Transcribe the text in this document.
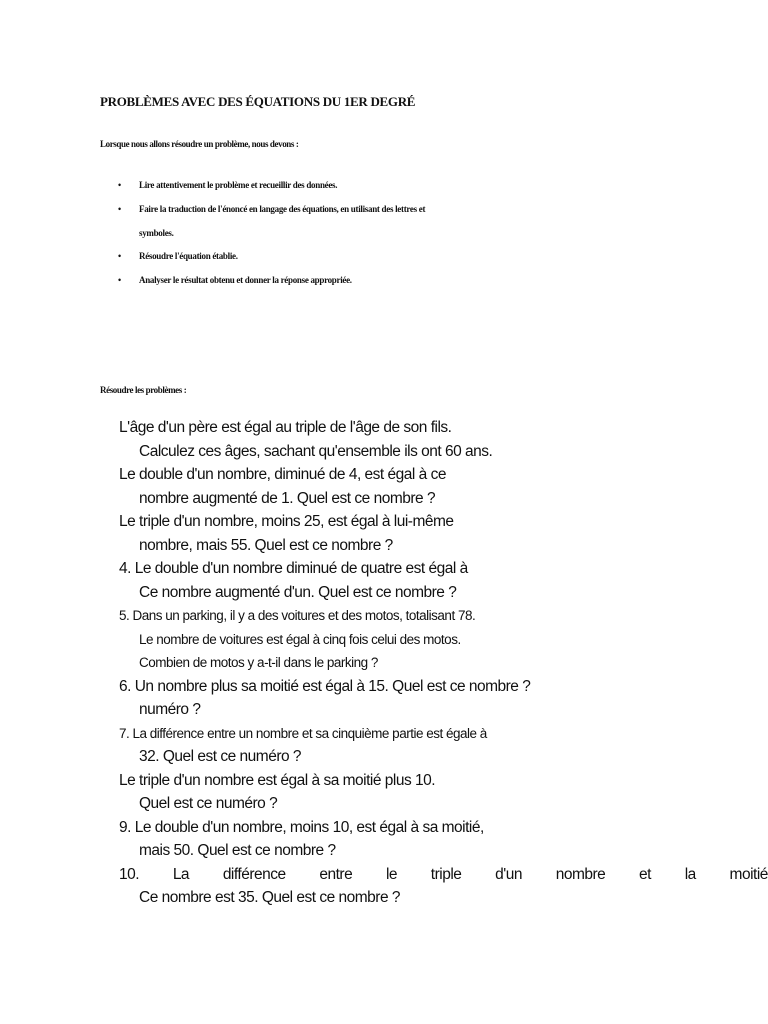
PROBLÈMES AVEC DES ÉQUATIONS DU 1ER DEGRÉ
Lorsque nous allons résoudre un problème, nous devons :
• Lire attentivement le problème et recueillir des données.
• Faire la traduction de l'énoncé en langage des équations, en utilisant des lettres et
symboles.
• Résoudre l'équation établie.
• Analyser le résultat obtenu et donner la réponse appropriée.
Résoudre les problèmes :
L'âge d'un père est égal au triple de l'âge de son fils.
Calculez ces âges, sachant qu'ensemble ils ont 60 ans.
Le double d'un nombre, diminué de 4, est égal à ce
nombre augmenté de 1. Quel est ce nombre ?
Le triple d'un nombre, moins 25, est égal à lui-même
nombre, mais 55. Quel est ce nombre ?
4. Le double d'un nombre diminué de quatre est égal à
Ce nombre augmenté d'un. Quel est ce nombre ?
5. Dans un parking, il y a des voitures et des motos, totalisant 78.
Le nombre de voitures est égal à cinq fois celui des motos.
Combien de motos y a-t-il dans le parking ?
6. Un nombre plus sa moitié est égal à 15. Quel est ce nombre ?
numéro ?
7. La différence entre un nombre et sa cinquième partie est égale à
32. Quel est ce numéro ?
Le triple d'un nombre est égal à sa moitié plus 10.
Quel est ce numéro ?
9. Le double d'un nombre, moins 10, est égal à sa moitié,
mais 50. Quel est ce nombre ?
10. La différence entre le triple d'un nombre et la moitié
Ce nombre est 35. Quel est ce nombre ?
